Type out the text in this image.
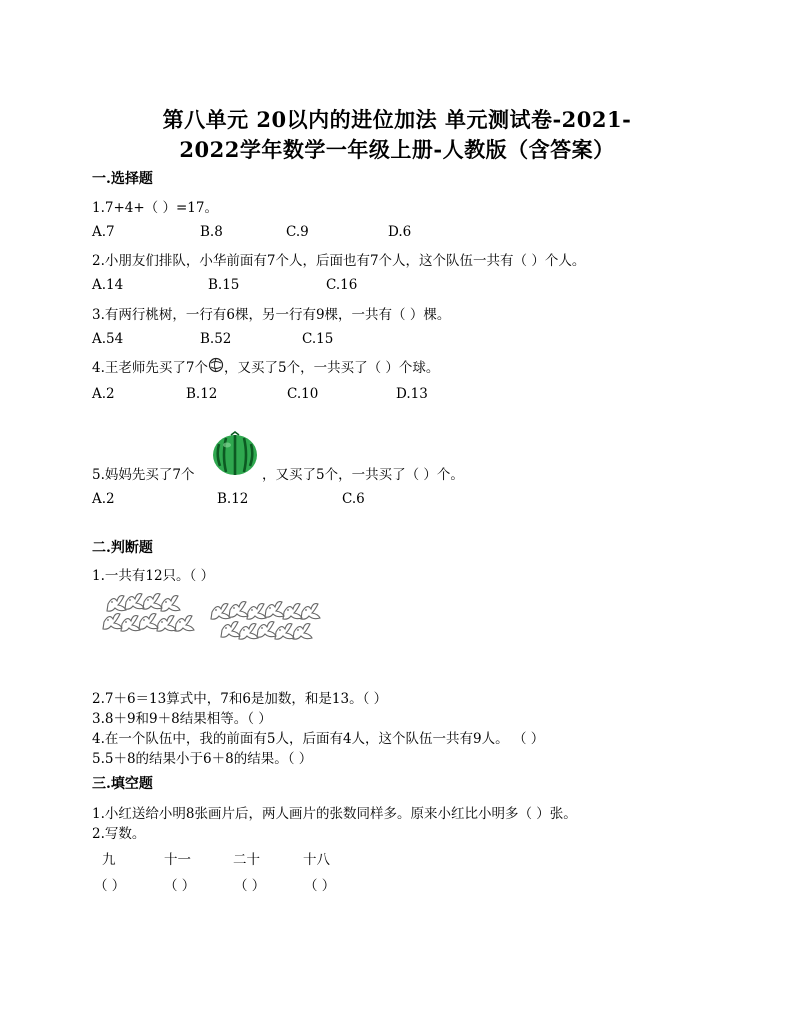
第八单元 20以内的进位加法 单元测试卷-2021-
2022学年数学一年级上册-人教版（含答案）
一.选择题
1.7+4+（ ）=17。
A.7	B.8	C.9	D.6
2.小朋友们排队，小华前面有7个人，后面也有7个人，这个队伍一共有（ ）个人。
A.14	B.15	C.16
3.有两行桃树，一行有6棵，另一行有9棵，一共有（ ）棵。
A.54	B.52	C.15
4.王老师先买了7个 ，又买了5个，一共买了（ ）个球。
A.2	B.12	C.10	D.13
5.妈妈先买了7个	，又买了5个，一共买了（ ）个。
A.2	B.12	C.6
二.判断题
1.一共有12只。（ ）
2.7＋6＝13算式中，7和6是加数，和是13。（ ）
3.8＋9和9＋8结果相等。（ ）
4.在一个队伍中，我的前面有5人，后面有4人，这个队伍一共有9人。 （ ）
5.5＋8的结果小于6＋8的结果。（ ）
三.填空题
1.小红送给小明8张画片后，两人画片的张数同样多。原来小红比小明多（ ）张。
2.写数。
九	十一	二十	十八
（ ）	（ ）	（ ）	（ ）
